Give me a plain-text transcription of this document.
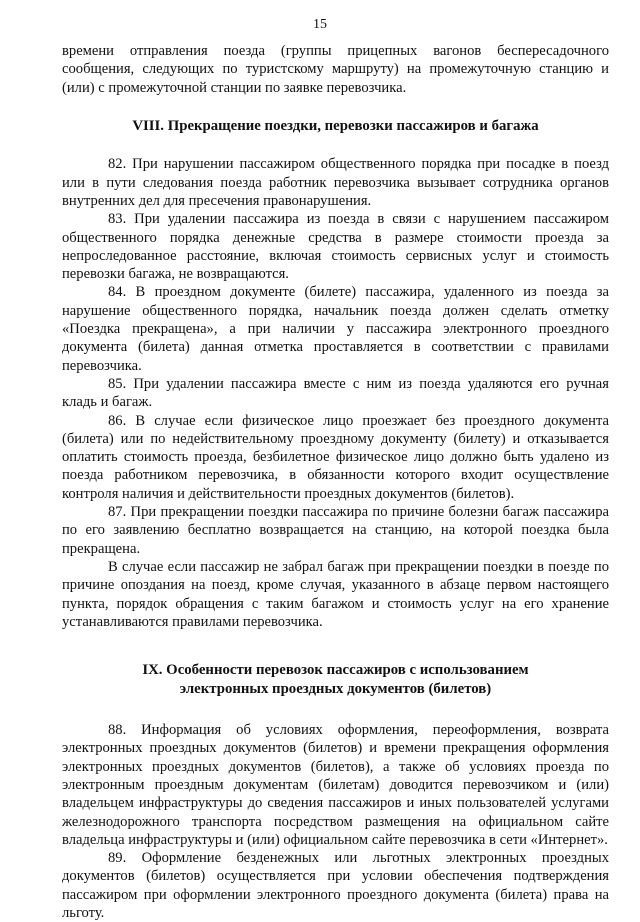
15

времени отправления поезда (группы прицепных вагонов беспересадочного сообщения, следующих по туристскому маршруту) на промежуточную станцию и (или) с промежуточной станции по заявке перевозчика.

VIII. Прекращение поездки, перевозки пассажиров и багажа

82. При нарушении пассажиром общественного порядка при посадке в поезд или в пути следования поезда работник перевозчика вызывает сотрудника органов внутренних дел для пресечения правонарушения.

83. При удалении пассажира из поезда в связи с нарушением пассажиром общественного порядка денежные средства в размере стоимости проезда за непроследованное расстояние, включая стоимость сервисных услуг и стоимость перевозки багажа, не возвращаются.

84. В проездном документе (билете) пассажира, удаленного из поезда за нарушение общественного порядка, начальник поезда должен сделать отметку «Поездка прекращена», а при наличии у пассажира электронного проездного документа (билета) данная отметка проставляется в соответствии с правилами перевозчика.

85. При удалении пассажира вместе с ним из поезда удаляются его ручная кладь и багаж.

86. В случае если физическое лицо проезжает без проездного документа (билета) или по недействительному проездному документу (билету) и отказывается оплатить стоимость проезда, безбилетное физическое лицо должно быть удалено из поезда работником перевозчика, в обязанности которого входит осуществление контроля наличия и действительности проездных документов (билетов).

87. При прекращении поездки пассажира по причине болезни багаж пассажира по его заявлению бесплатно возвращается на станцию, на которой поездка была прекращена.

В случае если пассажир не забрал багаж при прекращении поездки в поезде по причине опоздания на поезд, кроме случая, указанного в абзаце первом настоящего пункта, порядок обращения с таким багажом и стоимость услуг на его хранение устанавливаются правилами перевозчика.

IX. Особенности перевозок пассажиров с использованием
электронных проездных документов (билетов)

88. Информация об условиях оформления, переоформления, возврата электронных проездных документов (билетов) и времени прекращения оформления электронных проездных документов (билетов), а также об условиях проезда по электронным проездным документам (билетам) доводится перевозчиком и (или) владельцем инфраструктуры до сведения пассажиров и иных пользователей услугами железнодорожного транспорта посредством размещения на официальном сайте владельца инфраструктуры и (или) официальном сайте перевозчика в сети «Интернет».

89. Оформление безденежных или льготных электронных проездных документов (билетов) осуществляется при условии обеспечения подтверждения пассажиром при оформлении электронного проездного документа (билета) права на льготу.
